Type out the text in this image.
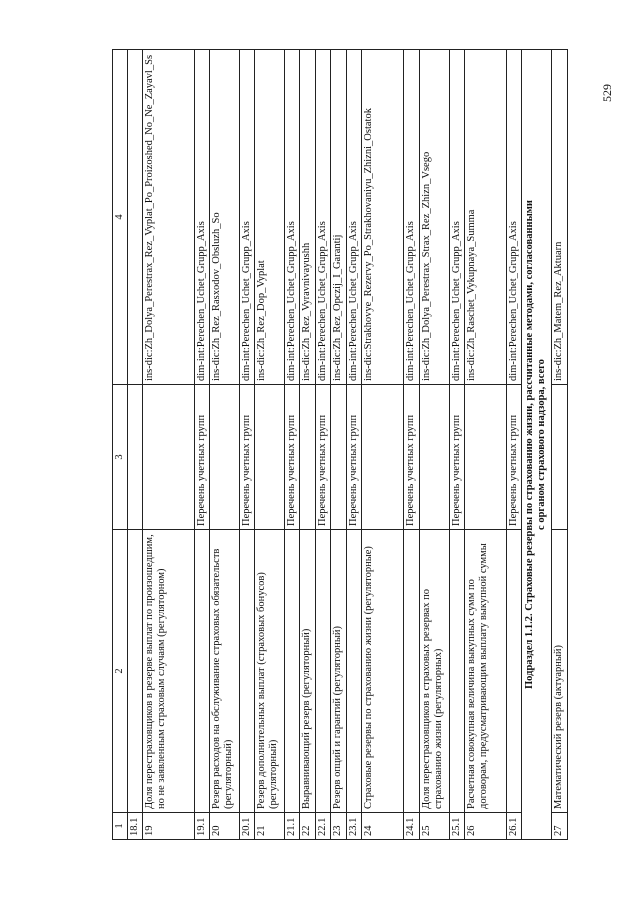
529
1	2	3	4
18.1			
19	Доля перестраховщиков в резерве выплат по произошедшим, но не заявленным страховым случаям (регуляторном)		ins-dic:Zh_Dolya_Perestrax_Rez_Vyplat_Po_Proizoshed_No_Ne_Zayavl_Ss
19.1		Перечень учетных групп	dim-int:Perechen_Uchet_Grupp_Axis
20	Резерв расходов на обслуживание страховых обязательств (регуляторный)		ins-dic:Zh_Rez_Rasxodov_Obsluzh_So
20.1		Перечень учетных групп	dim-int:Perechen_Uchet_Grupp_Axis
21	Резерв дополнительных выплат (страховых бонусов) (регуляторный)		ins-dic:Zh_Rez_Dop_Vyplat
21.1		Перечень учетных групп	dim-int:Perechen_Uchet_Grupp_Axis
22	Выравнивающий резерв (регуляторный)		ins-dic:Zh_Rez_Vyravnivayushh
22.1		Перечень учетных групп	dim-int:Perechen_Uchet_Grupp_Axis
23	Резерв опций и гарантий (регуляторный)		ins-dic:Zh_Rez_Opczij_I_Garantij
23.1		Перечень учетных групп	dim-int:Perechen_Uchet_Grupp_Axis
24	Страховые резервы по страхованию жизни (регуляторные)		ins-dic:Strakhovye_Rezervy_Po_Strakhovaniyu_Zhizni_Ostatok
24.1		Перечень учетных групп	dim-int:Perechen_Uchet_Grupp_Axis
25	Доля перестраховщиков в страховых резервах по страхованию жизни (регуляторных)		ins-dic:Zh_Dolya_Perestrax_Strax_Rez_Zhizn_Vsego
25.1		Перечень учетных групп	dim-int:Perechen_Uchet_Grupp_Axis
26	Расчетная совокупная величина выкупных сумм по договорам, предусматривающим выплату выкупной суммы		ins-dic:Zh_Raschet_Vykupnaya_Summa
26.1		Перечень учетных групп	dim-int:Perechen_Uchet_Grupp_Axis

Подраздел 1.1.2. Страховые резервы по страхованию жизни, рассчитанные методами, согласованными с органом страхового надзора, всего			

27	Математический резерв (актуарный)		ins-dic:Zh_Matem_Rez_Aktuarn
